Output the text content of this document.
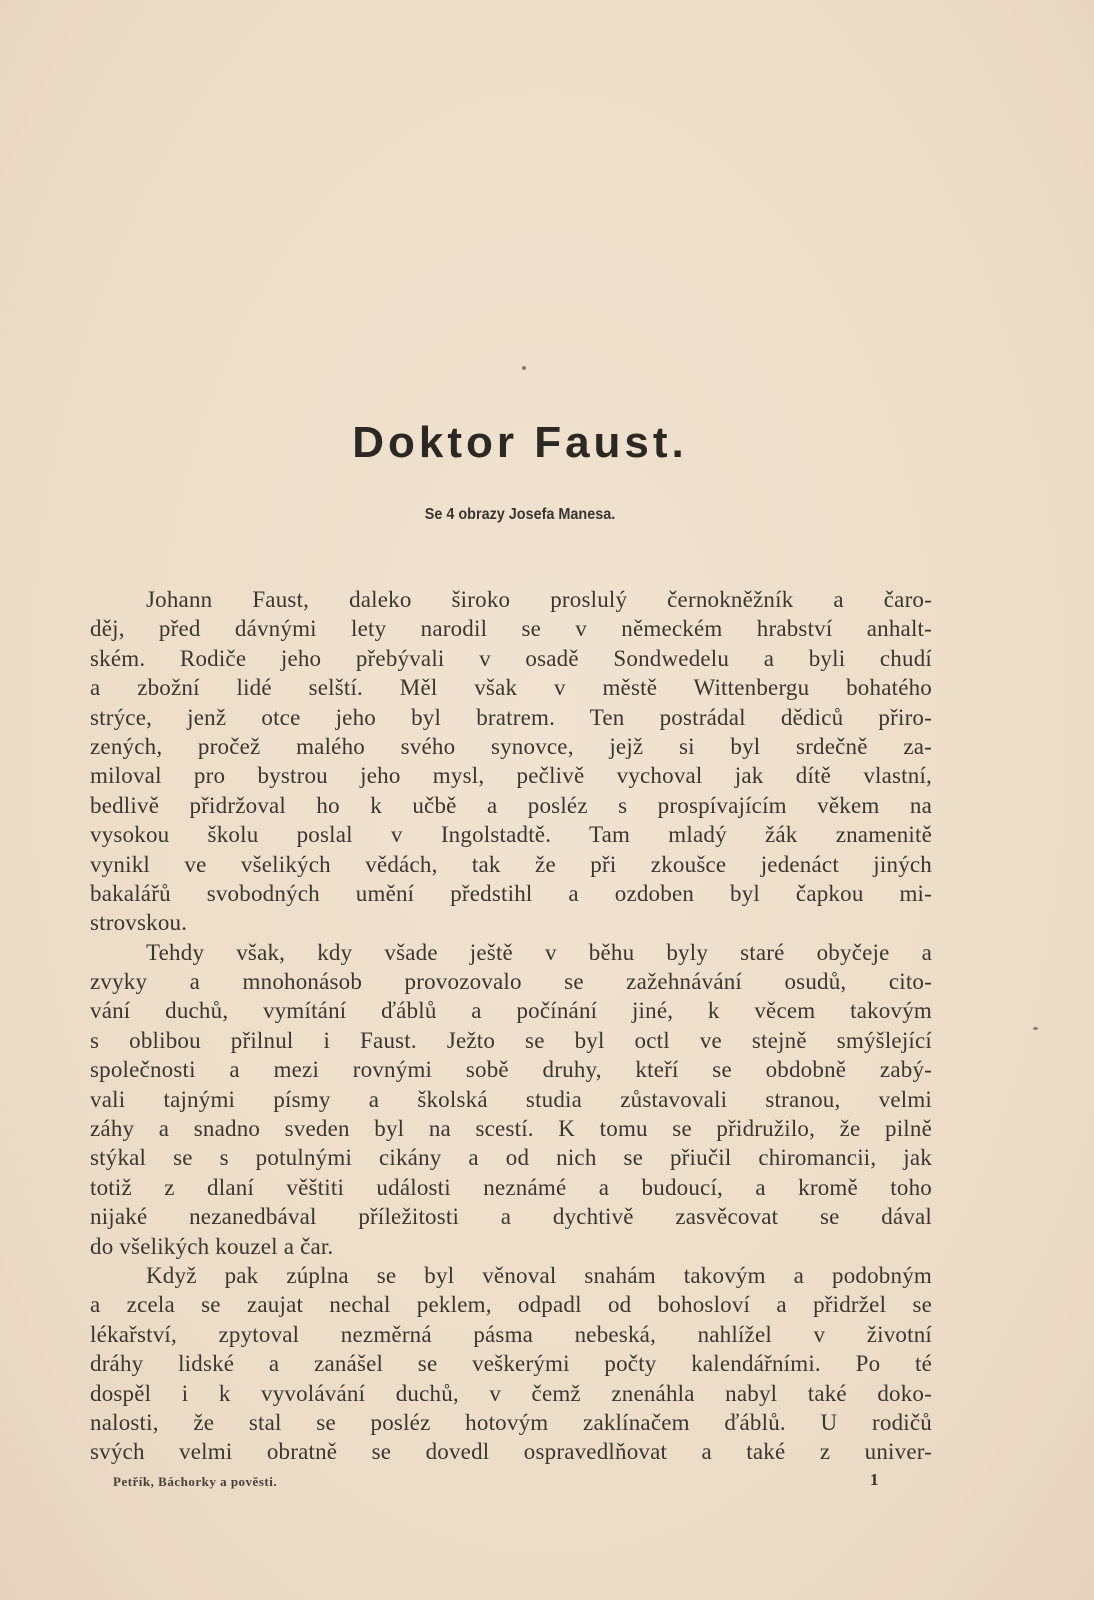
Doktor Faust.
Se 4 obrazy Josefa Manesa.
Johann Faust, daleko široko proslulý černokněžník a čaro-
děj, před dávnými lety narodil se v německém hrabství anhalt-
ském. Rodiče jeho přebývali v osadě Sondwedelu a byli chudí
a zbožní lidé selští. Měl však v městě Wittenbergu bohatého
strýce, jenž otce jeho byl bratrem. Ten postrádal dědiců přiro-
zených, pročež malého svého synovce, jejž si byl srdečně za-
miloval pro bystrou jeho mysl, pečlivě vychoval jak dítě vlastní,
bedlivě přidržoval ho k učbě a posléz s prospívajícím věkem na
vysokou školu poslal v Ingolstadtě. Tam mladý žák znamenitě
vynikl ve všelikých vědách, tak že při zkoušce jedenáct jiných
bakalářů svobodných umění předstihl a ozdoben byl čapkou mi-
strovskou.
Tehdy však, kdy všade ještě v běhu byly staré obyčeje a
zvyky a mnohonásob provozovalo se zažehnávání osudů, cito-
vání duchů, vymítání ďáblů a počínání jiné, k věcem takovým
s oblibou přilnul i Faust. Ježto se byl octl ve stejně smýšlející
společnosti a mezi rovnými sobě druhy, kteří se obdobně zabý-
vali tajnými písmy a školská studia zůstavovali stranou, velmi
záhy a snadno sveden byl na scestí. K tomu se přidružilo, že pilně
stýkal se s potulnými cikány a od nich se přiučil chiromancii, jak
totiž z dlaní věštiti události neznámé a budoucí, a kromě toho
nijaké nezanedbával příležitosti a dychtivě zasvěcovat se dával
do všelikých kouzel a čar.
Když pak zúplna se byl věnoval snahám takovým a podobným
a zcela se zaujat nechal peklem, odpadl od bohosloví a přidržel se
lékařství, zpytoval nezměrná pásma nebeská, nahlížel v životní
dráhy lidské a zanášel se veškerými počty kalendářními. Po té
dospěl i k vyvolávání duchů, v čemž znenáhla nabyl také doko-
nalosti, že stal se posléz hotovým zaklínačem ďáblů. U rodičů
svých velmi obratně se dovedl ospravedlňovat a také z univer-
Petřík, Báchorky a pověsti.	1
